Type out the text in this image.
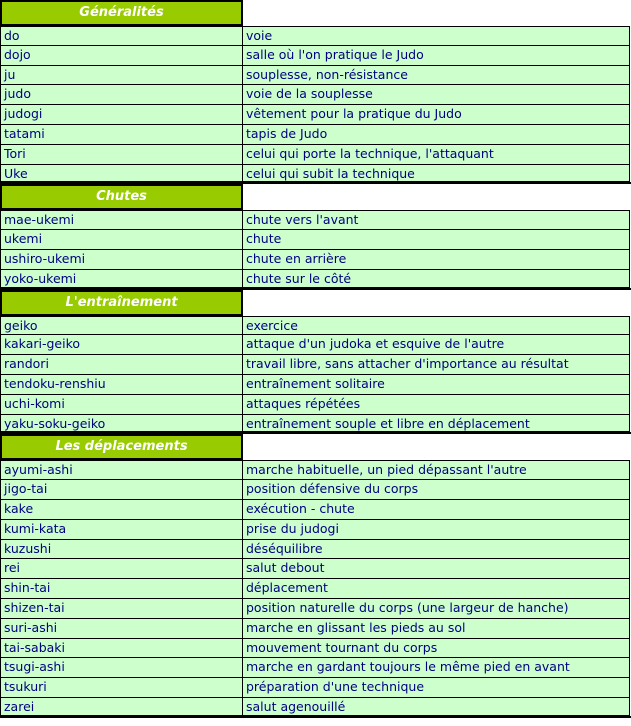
Généralités
do	voie
dojo	salle où l'on pratique le Judo
ju	souplesse, non-résistance
judo	voie de la souplesse
judogi	vêtement pour la pratique du Judo
tatami	tapis de Judo
Tori	celui qui porte la technique, l'attaquant
Uke	celui qui subit la technique
Chutes
mae-ukemi	chute vers l'avant
ukemi	chute
ushiro-ukemi	chute en arrière
yoko-ukemi	chute sur le côté
L'entraînement
geiko	exercice
kakari-geiko	attaque d'un judoka et esquive de l'autre
randori	travail libre, sans attacher d'importance au résultat
tendoku-renshiu	entraînement solitaire
uchi-komi	attaques répétées
yaku-soku-geiko	entraînement souple et libre en déplacement
Les déplacements
ayumi-ashi	marche habituelle, un pied dépassant l'autre
jigo-tai	position défensive du corps
kake	exécution - chute
kumi-kata	prise du judogi
kuzushi	déséquilibre
rei	salut debout
shin-tai	déplacement
shizen-tai	position naturelle du corps (une largeur de hanche)
suri-ashi	marche en glissant les pieds au sol
tai-sabaki	mouvement tournant du corps
tsugi-ashi	marche en gardant toujours le même pied en avant
tsukuri	préparation d'une technique
zarei	salut agenouillé
